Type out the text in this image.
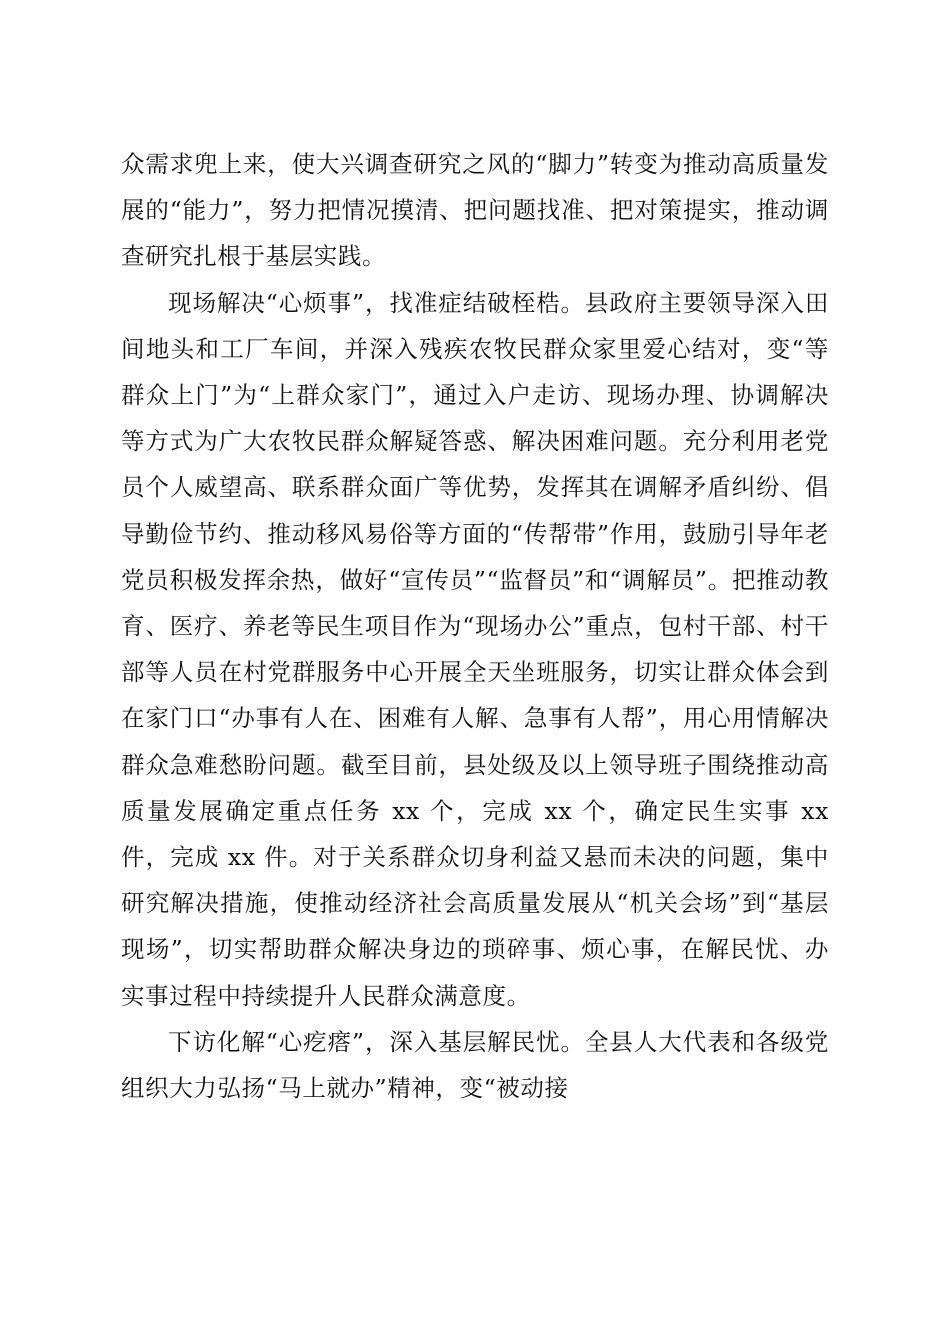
众需求兜上来，使大兴调查研究之风的“脚力”转变为推动高质量发展的“能力”，努力把情况摸清、把问题找准、把对策提实，推动调查研究扎根于基层实践。

现场解决“心烦事”，找准症结破桎梏。县政府主要领导深入田间地头和工厂车间，并深入残疾农牧民群众家里爱心结对，变“等群众上门”为“上群众家门”，通过入户走访、现场办理、协调解决等方式为广大农牧民群众解疑答惑、解决困难问题。充分利用老党员个人威望高、联系群众面广等优势，发挥其在调解矛盾纠纷、倡导勤俭节约、推动移风易俗等方面的“传帮带”作用，鼓励引导年老党员积极发挥余热，做好“宣传员”“监督员”和“调解员”。把推动教育、医疗、养老等民生项目作为“现场办公”重点，包村干部、村干部等人员在村党群服务中心开展全天坐班服务，切实让群众体会到在家门口“办事有人在、困难有人解、急事有人帮”，用心用情解决群众急难愁盼问题。截至目前，县处级及以上领导班子围绕推动高质量发展确定重点任务 xx 个，完成 xx 个，确定民生实事 xx 件，完成 xx 件。对于关系群众切身利益又悬而未决的问题，集中研究解决措施，使推动经济社会高质量发展从“机关会场”到“基层现场”，切实帮助群众解决身边的琐碎事、烦心事，在解民忧、办实事过程中持续提升人民群众满意度。

下访化解“心疙瘩”，深入基层解民忧。全县人大代表和各级党组织大力弘扬“马上就办”精神，变“被动接
